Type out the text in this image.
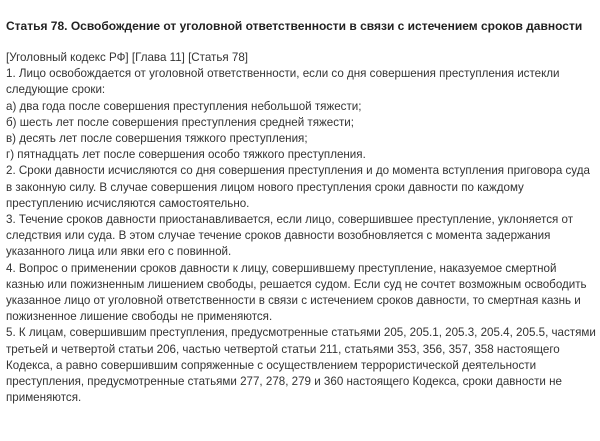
Статья 78. Освобождение от уголовной ответственности в связи с истечением сроков давности
[Уголовный кодекс РФ] [Глава 11] [Статья 78]
1. Лицо освобождается от уголовной ответственности, если со дня совершения преступления истекли
следующие сроки:
а) два года после совершения преступления небольшой тяжести;
б) шесть лет после совершения преступления средней тяжести;
в) десять лет после совершения тяжкого преступления;
г) пятнадцать лет после совершения особо тяжкого преступления.
2. Сроки давности исчисляются со дня совершения преступления и до момента вступления приговора суда
в законную силу. В случае совершения лицом нового преступления сроки давности по каждому
преступлению исчисляются самостоятельно.
3. Течение сроков давности приостанавливается, если лицо, совершившее преступление, уклоняется от
следствия или суда. В этом случае течение сроков давности возобновляется с момента задержания
указанного лица или явки его с повинной.
4. Вопрос о применении сроков давности к лицу, совершившему преступление, наказуемое смертной
казнью или пожизненным лишением свободы, решается судом. Если суд не сочтет возможным освободить
указанное лицо от уголовной ответственности в связи с истечением сроков давности, то смертная казнь и
пожизненное лишение свободы не применяются.
5. К лицам, совершившим преступления, предусмотренные статьями 205, 205.1, 205.3, 205.4, 205.5, частями
третьей и четвертой статьи 206, частью четвертой статьи 211, статьями 353, 356, 357, 358 настоящего
Кодекса, а равно совершившим сопряженные с осуществлением террористической деятельности
преступления, предусмотренные статьями 277, 278, 279 и 360 настоящего Кодекса, сроки давности не
применяются.
